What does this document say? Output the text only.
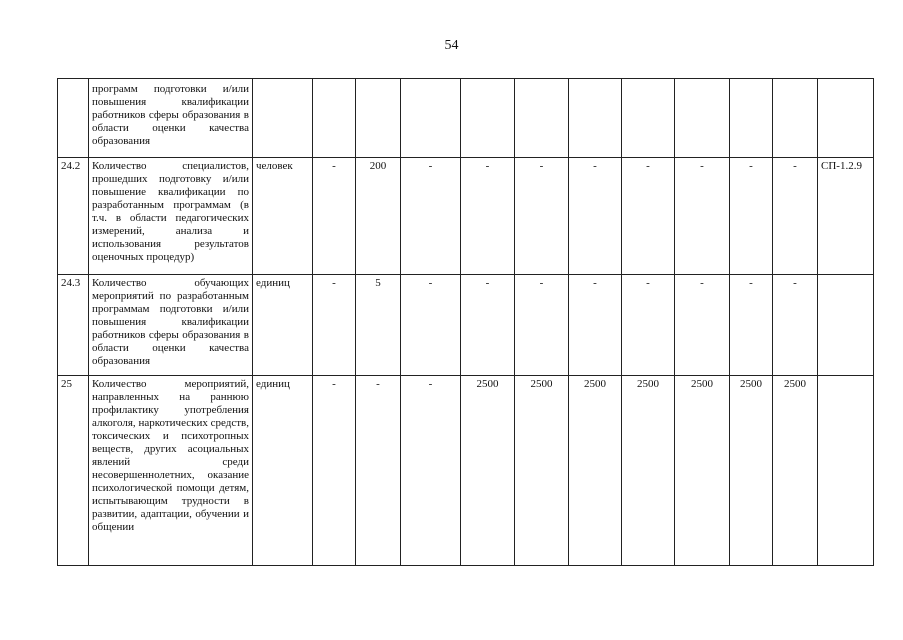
54
	программ подготовки и/или повышения квалификации работников сферы образования в области оценки качества образования												
24.2	Количество специалистов, прошедших подготовку и/или повышение квалификации по разработанным программам (в т.ч. в области педагогических измерений, анализа и использования результатов оценочных процедур)	человек	-	200	-	-	-	-	-	-	-	-	СП-1.2.9
24.3	Количество обучающих мероприятий по разработанным программам подготовки и/или повышения квалификации работников сферы образования в области оценки качества образования	единиц	-	5	-	-	-	-	-	-	-	-	
25	Количество мероприятий, направленных на раннюю профилактику употребления алкоголя, наркотических средств, токсических и психотропных веществ, других асоциальных явлений среди несовершеннолетних, оказание психологической помощи детям, испытывающим трудности в развитии, адаптации, обучении и общении	единиц	-	-	-	2500	2500	2500	2500	2500	2500	2500	
